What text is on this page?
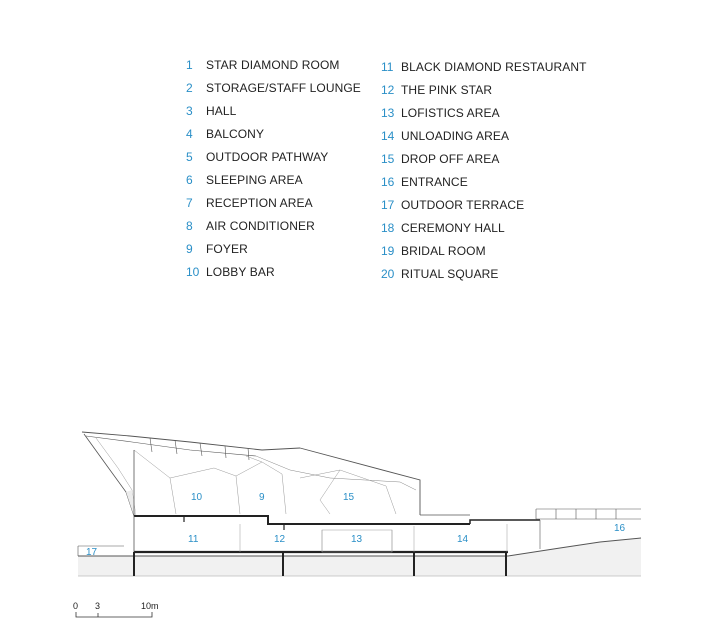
1 STAR DIAMOND ROOM
2 STORAGE/STAFF LOUNGE
3 HALL
4 BALCONY
5 OUTDOOR PATHWAY
6 SLEEPING AREA
7 RECEPTION AREA
8 AIR CONDITIONER
9 FOYER
10 LOBBY BAR
11 BLACK DIAMOND RESTAURANT
12 THE PINK STAR
13 LOFISTICS AREA
14 UNLOADING AREA
15 DROP OFF AREA
16 ENTRANCE
17 OUTDOOR TERRACE
18 CEREMONY HALL
19 BRIDAL ROOM
20 RITUAL SQUARE
10	9	15
11	12	13	14
16
17
0 3	10m
